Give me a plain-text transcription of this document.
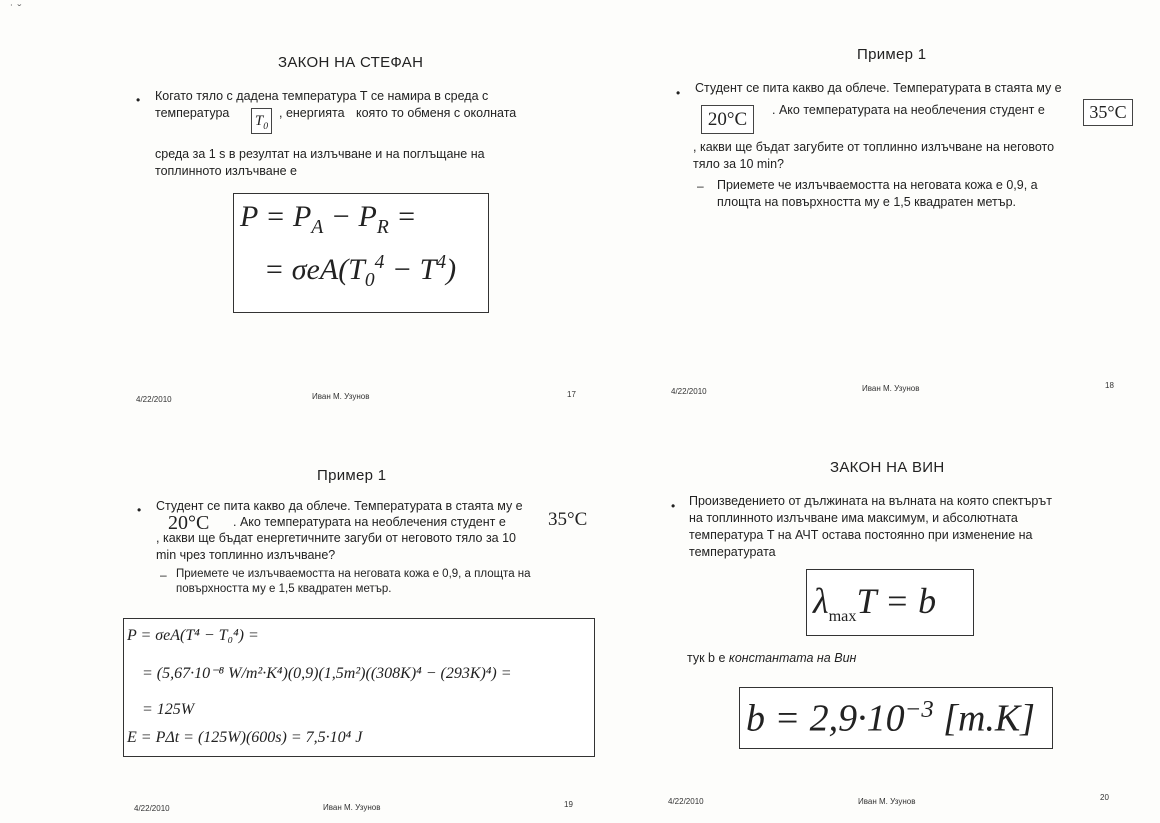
˙ ˇ
ЗАКОН НА СТЕФАН
• Когато тяло с дадена температура T се намира в среда с
температура $T_0$
, енергията която то обменя с околната
среда за 1 s в резултат на излъчване и на поглъщане на
топлинното излъчване е
$P = P_A - P_R$ =
= $\sigma eA(T_0^4 - T^4)$
4/22/2010	Иван М. Узунов	17
Пример 1
• Студент се пита какво да облече. Температурата в стаята му е
20°C	. Ако температурата на необлечения студент е	35°C
, какви ще бъдат загубите от топлинно излъчване на неговото
тяло за 10 min?
– Приемете че излъчваемостта на неговата кожа е 0,9, а
площта на повърхността му е 1,5 квадратен метър.
4/22/2010	Иван М. Узунов	18
Пример 1
• Студент се пита какво да облече. Температурата в стаята му е
20°C . Ако температурата на необлечения студент е 35°C
, какви ще бъдат енергетичните загуби от неговото тяло за 10
min чрез топлинно излъчване?
– Приемете че излъчваемостта на неговата кожа е 0,9, а площта на
повърхността му е 1,5 квадратен метър.
P = σeA(T⁴ − T₀⁴) =
= (5,67·10⁻⁸ W/m²·K⁴)(0,9)(1,5m²)((308K)⁴ − (293K)⁴) =
= 125W
E = PΔt = (125W)(600s) = 7,5·10⁴ J
4/22/2010	Иван М. Узунов	19
ЗАКОН НА ВИН
• Произведението от дължината на вълната на която спектърът
на топлинното излъчване има максимум, и абсолютната
температура T на АЧТ остава постоянно при изменение на
температурата
$\lambda_{max}T = b$
тук b е константата на Вин
$b = 2,9\cdot 10^{-3}$ [m.K]
4/22/2010	Иван М. Узунов	20
